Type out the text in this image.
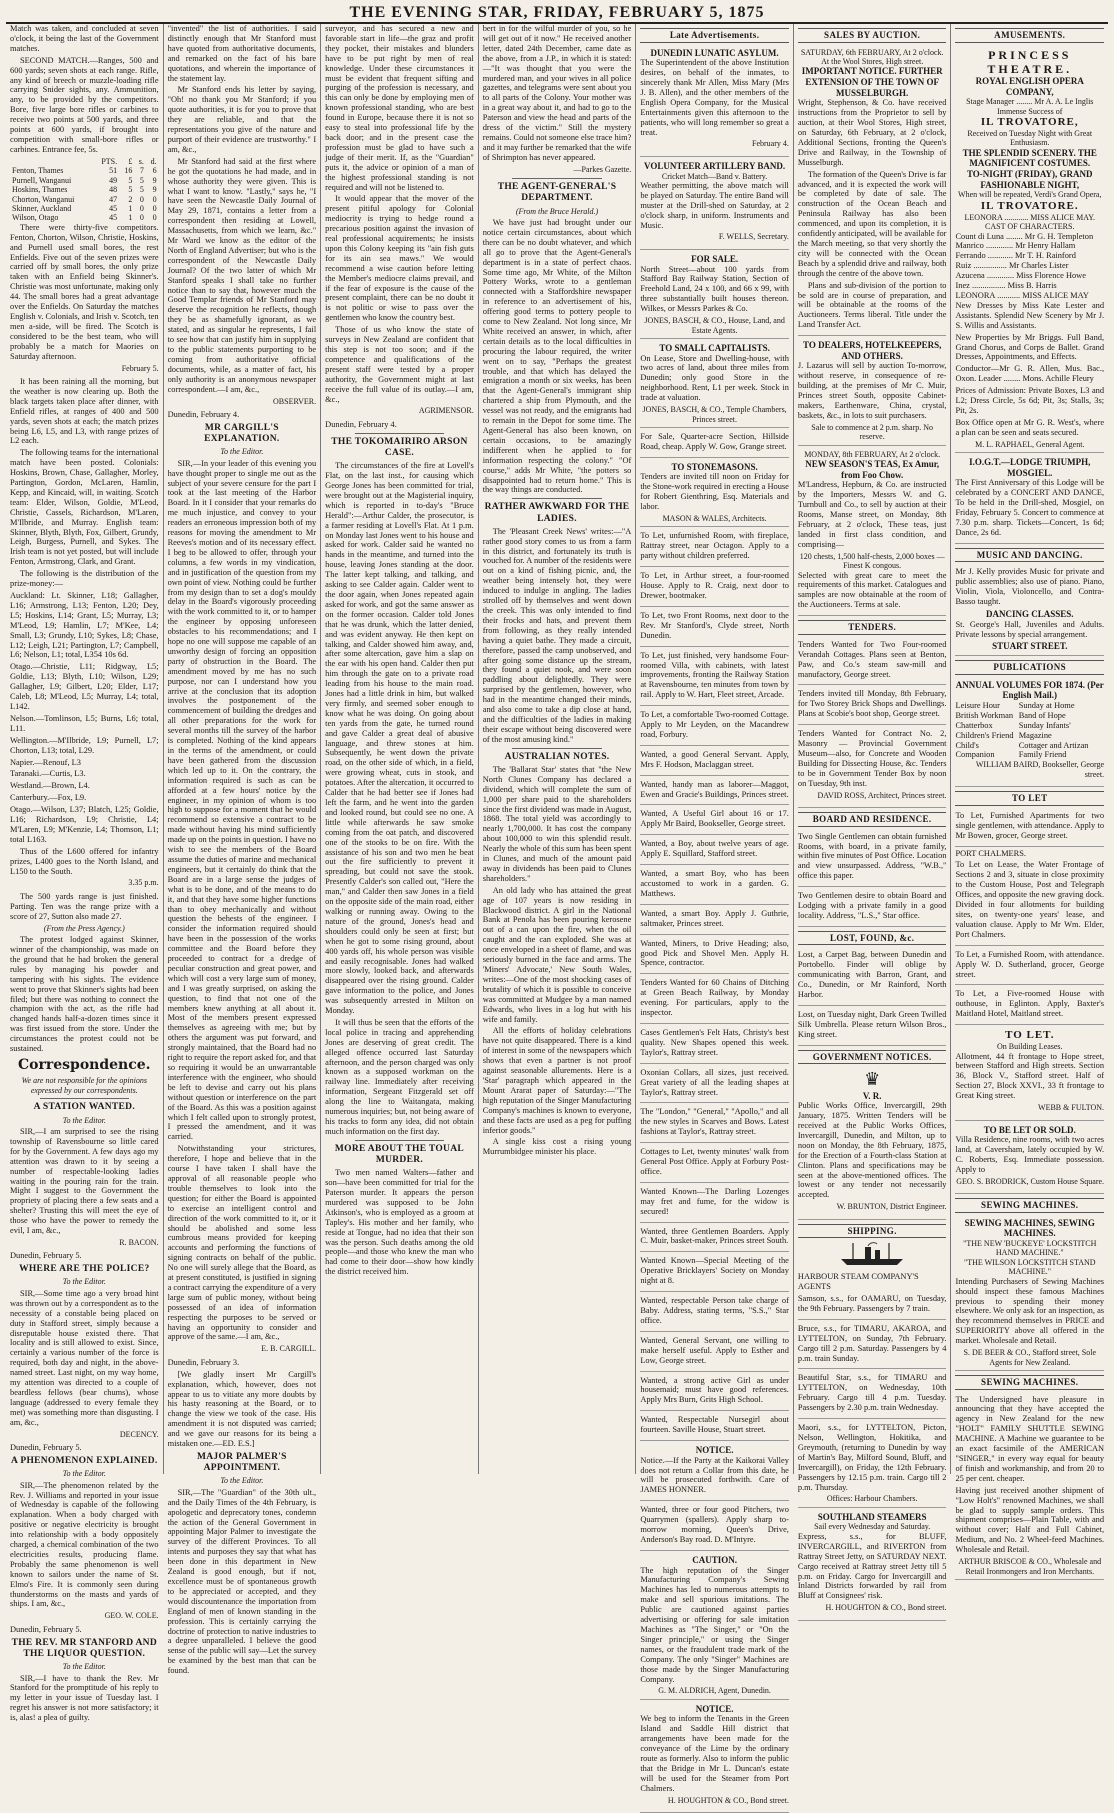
THE EVENING STAR, FRIDAY, FEBRUARY 5, 1875

Match was taken, and concluded at seven o'clock, it being the last of the Government matches.

SECOND MATCH.—Ranges, 500 and 600 yards; seven shots at each range. Rifle, any kind of breech or muzzle-loading rifle carrying Snider sights, any. Ammunition, any, to be provided by the competitors. Bore, five large bore rifles or carbines to receive two points at 500 yards, and three points at 600 yards, if brought into competition with small-bore rifles or carbines. Entrance fee, 5s.

	PTS.	£	s.	d.
Fenton, Thames	51	16	7	6
Purnell, Wanganui	49	5	5	9
Hoskins, Thames	48	5	5	9
Chorton, Wanganui	47	2	0	0
Skinner, Auckland	45	1	0	0
Wilson, Otago	45	1	0	0

There were thirty-five competitors. Fenton, Chorton, Wilson, Christie, Hoskins, and Purnell used small bores, the rest Enfields. Five out of the seven prizes were carried off by small bores, the only prize taken with an Enfield being Skinner's. Christie was most unfortunate, making only 44. The small bores had a great advantage over the Enfields. On Saturday the matches English v. Colonials, and Irish v. Scotch, ten men a-side, will be fired. The Scotch is considered to be the best team, who will probably be a match for Maories on Saturday afternoon.

February 5.

It has been raining all the morning, but the weather is now clearing up. Both the black targets taken place after dinner, with Enfield rifles, at ranges of 400 and 500 yards, seven shots at each; the match prizes being L6, L5, and L3, with range prizes of L2 each.

The following teams for the international match have been posted. Colonials: Hoskins, Brown, Chase, Gallagher, Morley, Partington, Gordon, McLaren, Hamlin, Kepp, and Kincaid, will, in waiting. Scotch team: Elder, Wilson, Goldie, M'Leod, Christie, Cassels, Richardson, M'Laren, M'Ilbride, and Murray. English team: Skinner, Blyth, Blyth, Fox, Gilbert, Grundy, Leigh, Burgess, Purnell, and Sykes. The Irish team is not yet posted, but will include Fenton, Armstrong, Clark, and Grant.

The following is the distribution of the prize-money:—

Auckland: Lt. Skinner, L18; Gallagher, L16; Armstrong, L13; Fenton, L20; Dey, L5; Hoskins, L14; Grant, L5; Murray, L3; M'Leod, L9; Hamlin, L7; M'Kee, L4; Small, L3; Grundy, L10; Sykes, L8; Chase, L12; Leigh, L21; Partington, L7; Campbell, L6; Nelson, L1; total, L354 10s 6d.

Otago.—Christie, L11; Ridgway, L5; Goldie, L13; Blyth, L10; Wilson, L29; Gallagher, L9; Gilbert, L20; Elder, L17; Caleb, L8; M'Leod, L5; Murray, L4; total, L142.

Nelson.—Tomlinson, L5; Burns, L6; total, L11.

Wellington.—M'Ilbride, L9; Purnell, L7; Chorton, L13; total, L29.

Napier.—Renouf, L3

Taranaki.—Curtis, L3.

Westland.—Brown, L4.

Canterbury.—Fox, L9.

Otago.—Wilson, L37; Blatch, L25; Goldie, L16; Richardson, L9; Christie, L4; M'Laren, L9; M'Kenzie, L4; Thomson, L1; total L163.

Thus of the L600 offered for infantry prizes, L400 goes to the North Island, and L150 to the South.

3.35 p.m.

The 500 yards range is just finished. Parting. Ten was the range prize with a score of 27, Sutton also made 27.

(From the Press Agency.)

The protest lodged against Skinner, winner of the championship, was made on the ground that he had broken the general rules by managing his powder and tampering with his sights. The evidence went to prove that Skinner's sights had been filed; but there was nothing to connect the champion with the act, as the rifle had changed hands half-a-dozen times since it was first issued from the store. Under the circumstances the protest could not be sustained.

Correspondence.
We are not responsible for the opinions expressed by our correspondents.
A STATION WANTED.
To the Editor.

SIR,—I am surprised to see the rising township of Ravensbourne so little cared for by the Government. A few days ago my attention was drawn to it by seeing a number of respectable-looking ladies waiting in the pouring rain for the train. Might I suggest to the Government the propriety of placing there a few seats and a shelter? Trusting this will meet the eye of those who have the power to remedy the evil, I am, &c.,

R. BACON.

Dunedin, February 5.

WHERE ARE THE POLICE?
To the Editor.

SIR,—Some time ago a very broad hint was thrown out by a correspondent as to the necessity of a constable being placed on duty in Stafford street, simply because a disreputable house existed there. That locality and is still allowed to exist. Since, certainly a various number of the force is required, both day and night, in the above-named street. Last night, on my way home, my attention was directed to a couple of beardless fellows (bear chums), whose language (addressed to every female they met) was something more than disgusting. I am, &c.,

DECENCY.

Dunedin, February 5.

A PHENOMENON EXPLAINED.
To the Editor.

SIR,—The phenomenon related by the Rev. J. Williams and reported in your issue of Wednesday is capable of the following explanation. When a body charged with positive or negative electricity is brought into relationship with a body oppositely charged, a chemical combination of the two electricities results, producing flame. Probably the same phenomenon is well known to sailors under the name of St. Elmo's Fire. It is commonly seen during thunderstorms on the masts and yards of ships. I am, &c.,

GEO. W. COLE.

Dunedin, February 5.

THE REV. MR STANFORD AND THE LIQUOR QUESTION.
To the Editor.

SIR,—I have to thank the Rev. Mr Stanford for the promptitude of his reply to my letter in your issue of Tuesday last. I regret his answer is not more satisfactory; it is, alas! a plea of guilty.

"invented" the list of authorities. I said distinctly enough that Mr Stanford must have quoted from authoritative documents, and remarked on the fact of his bare quotations, and wherein the importance of the statement lay.

Mr Stanford ends his letter by saying, "Oh! no thank you Mr Stanford; if you quote authorities, it is for you to prove that they are reliable, and that the representations you give of the nature and purport of their evidence are trustworthy." I am, &c.,

Mr Stanford had said at the first where he got the quotations he had made, and in whose authority they were given. This is what I want to know. "Lastly," says he, "I have seen the Newcastle Daily Journal of May 29, 1871, contains a letter from a correspondent then residing at Lowell, Massachusetts, from which we learn, &c." Mr Ward we know as the editor of the North of England Advertiser; but who is the correspondent of the Newcastle Daily Journal? Of the two latter of which Mr Stanford speaks I shall take no further notice than to say that, however much the Good Templar friends of Mr Stanford may deserve the recognition he reflects, though they be as shamefully ignorant, as we stated, and as singular he represents, I fail to see how that can justify him in supplying to the public statements purporting to be coming from authoritative official documents, while, as a matter of fact, his only authority is an anonymous newspaper correspondent.—I am, &c.,

OBSERVER.

Dunedin, February 4.

MR CARGILL'S EXPLANATION.
To the Editor.

SIR,—In your leader of this evening you have thought proper to single me out as the subject of your severe censure for the part I took at the last meeting of the Harbor Board. In it I consider that your remarks do me much injustice, and convey to your readers an erroneous impression both of my reasons for moving the amendment to Mr Reeves's motion and of its necessary effect. I beg to be allowed to offer, through your columns, a few words in my vindication, and in justification of the question from my own point of view. Nothing could be further from my design than to set a dog's mouldy delay in the Board's vigorously proceeding with the work committed to it, or to hamper the engineer by opposing unforeseen obstacles to his recommendations; and I hope no one will suppose me capable of an unworthy design of forcing an opposition party of obstruction in the Board. The amendment moved by me has no such purpose, nor can I understand how you arrive at the conclusion that its adoption involves the postponement of the commencement of building the dredges and all other preparations for the work for several months till the survey of the harbor is completed. Nothing of the kind appears in the terms of the amendment, or could have been gathered from the discussion which led up to it. On the contrary, the information required is such as can be afforded at a few hours' notice by the engineer, in my opinion of whom is too high to suppose for a moment that he would recommend so extensive a contract to be made without having his mind sufficiently made up on the points in question. I have no wish to see the members of the Board assume the duties of marine and mechanical engineers, but it certainly do think that the Board are in a large sense the judges of what is to be done, and of the means to do it, and that they have some higher functions than to obey mechanically and without question the behests of the engineer. I consider the information required should have been in the possession of the works committee and the Board before they proceeded to contract for a dredge of peculiar construction and great power, and which will cost a very large sum of money, and I was greatly surprised, on asking the question, to find that not one of the members knew anything at all about it. Most of the members present expressed themselves as agreeing with me; but by others the argument was put forward, and strongly maintained, that the Board had no right to require the report asked for, and that so requiring it would be an unwarrantable interference with the engineer, who should be left to devise and carry out his plans without question or interference on the part of the Board. As this was a position against which I felt called upon to strongly protest, I pressed the amendment, and it was carried.

Notwithstanding your strictures, therefore, I hope and believe that in the course I have taken I shall have the approval of all reasonable people who trouble themselves to look into the question; for either the Board is appointed to exercise an intelligent control and direction of the work committed to it, or it should be abolished and some less cumbrous means provided for keeping accounts and performing the functions of signing contracts on behalf of the public. No one will surely allege that the Board, as at present constituted, is justified in signing a contract carrying the expenditure of a very large sum of public money, without being possessed of an idea of information respecting the purposes to be served or having an opportunity to consider and approve of the same.—I am, &c.,

E. B. CARGILL.

Dunedin, February 3.

[We gladly insert Mr Cargill's explanation, which, however, does not appear to us to vitiate any more doubts by his hasty reasoning at the Board, or to change the view we took of the case. His amendment it is not disputed was carried; and we gave our reasons for its being a mistaken one.—ED. E.S.]

MAJOR PALMER'S APPOINTMENT.
To the Editor.

SIR,—The "Guardian" of the 30th ult., and the Daily Times of the 4th February, is apologetic and deprecatory tones, condemn the action of the General Government in appointing Major Palmer to investigate the survey of the different Provinces. To all intents and purposes they say that what has been done in this department in New Zealand is good enough, but if not, excellence must be of spontaneous growth to be appreciated or accepted, and they would discountenance the importation from England of men of known standing in the profession. This is certainly carrying the doctrine of protection to native industries to a degree unparalleled. I believe the good sense of the public will say—Let the survey be examined by the best man that can be found.

surveyor, and has secured a new and favorable start in life—the graz and profit they pocket, their mistakes and blunders have to be put right by men of real knowledge. Under these circumstances it must be evident that frequent sifting and purging of the profession is necessary, and this can only be done by employing men of known professional standing, who are best found in Europe, because there it is not so easy to steal into professional life by the back door; and in the present case the profession must be glad to have such a judge of their merit. If, as the "Guardian" puts it, the advice or opinion of a man of the highest professional standing is not required and will not be listened to.

It would appear that the mover of the present pitiful apology for Colonial mediocrity is trying to hedge round a precarious position against the invasion of real professional acquirements; he insists upon this Colony keeping its "ain fish guts for its ain sea maws." We would recommend a wise caution before letting the Member's mediocre claims prevail, and if the fear of exposure is the cause of the present complaint, there can be no doubt it is not politic or wise to pass over the gentlemen who know the country best.

Those of us who know the state of surveys in New Zealand are confident that this step is not too soon; and if the competence and qualifications of the present staff were tested by a proper authority, the Government might at last receive the full value of its outlay.—I am, &c.,

AGRIMENSOR.

Dunedin, February 4.

THE TOKOMAIRIRO ARSON CASE.

The circumstances of the fire at Lovell's Flat, on the last inst., for causing which George Jones has been committed for trial, were brought out at the Magisterial inquiry, which is reported in to-day's "Bruce Herald":—Arthur Calder, the prosecutor, is a farmer residing at Lovell's Flat. At 1 p.m. on Monday last Jones went to his house and asked for work. Calder said he wanted no hands in the meantime, and turned into the house, leaving Jones standing at the door. The latter kept talking, and talking, and asking to see Calder again. Calder went to the door again, when Jones repeated again asked for work, and got the same answer as on the former occasion. Calder told Jones that he was drunk, which the latter denied, and was evident anyway. He then kept on talking, and Calder showed him away, and, after some altercation, gave him a slap on the ear with his open hand. Calder then put him through the gate on to a private road leading from his house to the main road. Jones had a little drink in him, but walked very firmly, and seemed sober enough to know what he was doing. On going about ten yards from the gate, he turned round and gave Calder a great deal of abusive language, and threw stones at him. Subsequently, he went down the private road, on the other side of which, in a field, were growing wheat, cuts in stook, and potatoes. After the altercation, it occurred to Calder that he had better see if Jones had left the farm, and he went into the garden and looked round, but could see no one. A little while afterwards he saw smoke coming from the oat patch, and discovered one of the stooks to be on fire. With the assistance of his son and two men he beat out the fire sufficiently to prevent it spreading, but could not save the stook. Presently Calder's son called out, "Here the man," and Calder then saw Jones in a field on the opposite side of the main road, either walking or running away. Owing to the nature of the ground, Jones's head and shoulders could only be seen at first; but when he got to some rising ground, about 400 yards off, his whole person was visible and easily recognisable. Jones had walked more slowly, looked back, and afterwards disappeared over the rising ground. Calder gave information to the police, and Jones was subsequently arrested in Milton on Monday.

It will thus be seen that the efforts of the local police in tracing and apprehending Jones are deserving of great credit. The alleged offence occurred last Saturday afternoon, and the person charged was only known as a supposed workman on the railway line. Immediately after receiving information, Sergeant Fitzgerald set off along the line to Waitangata, making numerous inquiries; but, not being aware of his tracks to form any idea, did not obtain much information on the first day.

MORE ABOUT THE TOUAL MURDER.

Two men named Walters—father and son—have been committed for trial for the Paterson murder. It appears the person murdered was supposed to be John Atkinson's, who is employed as a groom at Tapley's. His mother and her family, who reside at Tongue, had no idea that their son was the person. Such deaths among the old people—and those who knew the man who had come to their door—show how kindly the district received him.

bert in for the wilful murder of you, so he will get out of it now." He received another letter, dated 24th December, came date as the above, from a J.P., in which it is stated:—"It was thought that you were the murdered man, and your wives in all police gazettes, and telegrams were sent about you to all parts of the Colony. Your mother was in a great way about it, and had to go to the Paterson and view the head and parts of the dress of the victim." Still the mystery remains. Could not someone else trace him? and it may further be remarked that the wife of Shrimpton has never appeared.

—Parkes Gazette.
THE AGENT-GENERAL'S DEPARTMENT.
(From the Bruce Herald.)

We have just had brought under our notice certain circumstances, about which there can be no doubt whatever, and which all go to prove that the Agent-General's department is in a state of perfect chaos. Some time ago, Mr White, of the Milton Pottery Works, wrote to a gentleman connected with a Staffordshire newspaper in reference to an advertisement of his, offering good terms to pottery people to come to New Zealand. Not long since, Mr White received an answer, in which, after certain details as to the local difficulties in procuring the labour required, the writer went on to say, "Perhaps the greatest trouble, and that which has delayed the emigration a month or six weeks, has been that the Agent-General's immigrant ship chartered a ship from Plymouth, and the vessel was not ready, and the emigrants had to remain in the Depot for some time. The Agent-General has also been known, on certain occasions, to be amazingly indifferent when he applied to for information respecting the colony." "Of course," adds Mr White, "the potters so disappointed had to return home." This is the way things are conducted.

RATHER AWKWARD FOR THE LADIES.

The 'Pleasant Creek News' writes:—"A rather good story comes to us from a farm in this district, and fortunately its truth is vouched for. A number of the residents were out on a kind of fishing picnic, and, the weather being intensely hot, they were induced to indulge in angling. The ladies strolled off by themselves and went down the creek. This was only intended to find their frocks and hats, and prevent them from following, as they really intended having a quiet bathe. They made a circuit, therefore, passed the camp unobserved, and after going some distance up the stream, they found a quiet nook, and were soon paddling about delightedly. They were surprised by the gentlemen, however, who had in the meantime changed their minds, and also come to take a dip close at hand, and the difficulties of the ladies in making their escape without being discovered were of the most amusing kind."

AUSTRALIAN NOTES.

The 'Ballarat Star' states that "the New North Clunes Company has declared a dividend, which will complete the sum of 1,000 per share paid to the shareholders since the first dividend was made in August, 1868. The total yield was accordingly to nearly 1,700,000. It has cost the company about 100,000 to win this splendid result. Nearly the whole of this sum has been spent in Clunes, and much of the amount paid away in dividends has been paid to Clunes shareholders."

An old lady who has attained the great age of 107 years is now residing in Blackwood district. A girl in the National Bank at Penola has been pouring kerosene out of a can upon the fire, when the oil caught and the can exploded. She was at once enveloped in a sheet of flame, and was seriously burned in the face and arms. The 'Miners' Advocate,' New South Wales, writes:—One of the most shocking cases of brutality of which it is possible to conceive was committed at Mudgee by a man named Edwards, who lives in a log hut with his wife and family.

All the efforts of holiday celebrations have not quite disappeared. There is a kind of interest in some of the newspapers which shows that even a partner is not proof against seasonable allurements. Here is a 'Star' paragraph which appeared in the Mount Ararat paper of Saturday:—"The high reputation of the Singer Manufacturing Company's machines is known to everyone, and these facts are used as a peg for puffing inferior goods."

A single kiss cost a rising young Murrumbidgee minister his place.

Late Advertisements.
DUNEDIN LUNATIC ASYLUM.

The Superintendent of the above Institution desires, on behalf of the inmates, to sincerely thank Mr Allen, Miss Mary (Mrs J. B. Allen), and the other members of the English Opera Company, for the Musical Entertainments given this afternoon to the patients, who will long remember so great a treat.

February 4.
VOLUNTEER ARTILLERY BAND.
Cricket Match—Band v. Battery.

Weather permitting, the above match will be played on Saturday. The entire Band will muster at the Drill-shed on Saturday, at 2 o'clock sharp, in uniform. Instruments and Music.

F. WELLS, Secretary.
FOR SALE.

North Street—about 100 yards from Stafford Bay Railway Station, Section of Freehold Land, 24 x 100, and 66 x 99, with three substantially built houses thereon. Wilkes, or Messrs Parkes & Co.

JONES, BASCH, & CO., House, Land, and Estate Agents.
TO SMALL CAPITALISTS.

On Lease, Store and Dwelling-house, with two acres of land, about three miles from Dunedin; only good Store in the neighborhood. Rent, L1 per week. Stock in trade at valuation.

JONES, BASCH, & CO., Temple Chambers, Princes street.

For Sale, Quarter-acre Section, Hillside Road, cheap. Apply W. Gow, Grange street.

TO STONEMASONS.

Tenders are invited till noon on Friday for the Stone-work required in erecting a House for Robert Gienthring, Esq. Materials and labor.

MASON & WALES, Architects.

To Let, unfurnished Room, with fireplace, Rattray street, near Octagon. Apply to a party without children preferred.

To Let, in Arthur street, a four-roomed House. Apply to R. Craig, next door to Drewer, bootmaker.

To Let, two Front Rooms, next door to the Rev. Mr Stanford's, Clyde street, North Dunedin.

To Let, just finished, very handsome Four-roomed Villa, with cabinets, with latest improvements, fronting the Railway Station at Ravensbourne, ten minutes from town by rail. Apply to W. Hart, Fleet street, Arcade.

To Let, a comfortable Two-roomed Cottage. Apply to Mr Leyden, on the Macandrew road, Forbury.

Wanted, a good General Servant. Apply, Mrs F. Hodson, Maclaggan street.

Wanted, handy man as laborer—Maggot, Ewen and Gracie's Buildings, Princes street.

Wanted, A Useful Girl about 16 or 17. Apply Mr Baird, Bookseller, George street.

Wanted, a Boy, about twelve years of age. Apply E. Squillard, Stafford street.

Wanted, a smart Boy, who has been accustomed to work in a garden. G. Matthews.

Wanted, a smart Boy. Apply J. Guthrie, saltmaker, Princes street.

Wanted, Miners, to Drive Heading; also, good Pick and Shovel Men. Apply H. Spence, contractor.

Tenders Wanted for 60 Chains of Ditching at Green Beach Railway, by Monday evening. For particulars, apply to the inspector.

Cases Gentlemen's Felt Hats, Christy's best quality. New Shapes opened this week. Taylor's, Rattray street.

Oxonian Collars, all sizes, just received. Great variety of all the leading shapes at Taylor's, Rattray street.

The "London," "General," "Apollo," and all the new styles in Scarves and Bows. Latest fashions at Taylor's, Rattray street.

Cottages to Let, twenty minutes' walk from General Post Office. Apply at Forbury Post-office.

Wanted Known—The Darling Lozenges may fret and fume, for the widow is secured!

Wanted, three Gentlemen Boarders. Apply C. Muir, basket-maker, Princes street South.

Wanted Known—Special Meeting of the Operative Bricklayers' Society on Monday night at 8.

Wanted, respectable Person take charge of Baby. Address, stating terms, "S.S.," Star office.

Wanted, General Servant, one willing to make herself useful. Apply to Esther and Low, George street.

Wanted, a strong active Girl as under housemaid; must have good references. Apply Mrs Burn, Grits High School.

Wanted, Respectable Nursegirl about fourteen. Saville House, Stuart street.

NOTICE.

Notice.—If the Party at the Kaikorai Valley does not return a Collar from this date, he will be prosecuted forthwith. Care of JAMES HONNER.

Wanted, three or four good Pitchers, two Quarrymen (spallers). Apply sharp to-morrow morning, Queen's Drive, Anderson's Bay road. D. M'Intyre.

CAUTION.

The high reputation of the Singer Manufacturing Company's Sewing Machines has led to numerous attempts to make and sell spurious imitations. The Public are cautioned against parties advertising or offering for sale imitation Machines as "The Singer," or "On the Singer principle," or using the Singer names, or the fraudulent trade mark of the Company. The only "Singer" Machines are those made by the Singer Manufacturing Company.

G. M. ALDRICH, Agent, Dunedin.
NOTICE.

We beg to inform the Tenants in the Green Island and Saddle Hill district that arrangements have been made for the conveyance of the Lime by the ordinary route as formerly. Also to inform the public that the Bridge in Mr L. Duncan's estate will be used for the Steamer from Port Chalmers.

H. HOUGHTON & CO., Bond street.
SALES BY AUCTION.
SATURDAY, 6th FEBRUARY, At 2 o'clock.
At the Wool Stores, High street.
IMPORTANT NOTICE. FURTHER EXTENSION OF THE TOWN OF MUSSELBURGH.

Wright, Stephenson, & Co. have received instructions from the Proprietor to sell by auction, at their Wool Stores, High street, on Saturday, 6th February, at 2 o'clock, Additional Sections, fronting the Queen's Drive and Railway, in the Township of Musselburgh.

The formation of the Queen's Drive is far advanced, and it is expected the work will be completed by date of sale. The construction of the Ocean Beach and Peninsula Railway has also been commenced, and upon its completion, it is confidently anticipated, will be available for the March meeting, so that very shortly the city will be connected with the Ocean Beach by a splendid drive and railway, both through the centre of the above town.

Plans and sub-division of the portion to be sold are in course of preparation, and will be obtainable at the rooms of the Auctioneers. Terms liberal. Title under the Land Transfer Act.

TO DEALERS, HOTELKEEPERS, AND OTHERS.

J. Lazarus will sell by auction To-morrow, without reserve, in consequence of re-building, at the premises of Mr C. Muir, Princes street South, opposite Cabinet-makers, Earthenware, China, crystal, baskets, &c., in lots to suit purchasers.

Sale to commence at 2 p.m. sharp. No reserve.
MONDAY, 8th FEBRUARY, At 2 o'clock.
NEW SEASON'S TEAS, Ex Amur, from Foo Chow.

M'Landress, Hepburn, & Co. are instructed by the Importers, Messrs W. and G. Turnbull and Co., to sell by auction at their Rooms, Manse street, on Monday, 8th February, at 2 o'clock, These teas, just landed in first class condition, and comprising—

120 chests, 1,500 half-chests, 2,000 boxes — Finest K congous.

Selected with great care to meet the requirements of this market. Catalogues and samples are now obtainable at the room of the Auctioneers. Terms at sale.

TENDERS.

Tenders Wanted for Two Four-roomed Verandah Cottages. Plans seen at Benton, Paw, and Co.'s steam saw-mill and manufactory, George street.

Tenders invited till Monday, 8th February, for Two Storey Brick Shops and Dwellings. Plans at Scobie's boot shop, George street.

Tenders Wanted for Contract No. 2, Masonry — Provincial Government Museum—also, for Concrete and Wooden Building for Dissecting House, &c. Tenders to be in Government Tender Box by noon on Tuesday, 9th inst.

DAVID ROSS, Architect, Princes street.
BOARD AND RESIDENCE.

Two Single Gentlemen can obtain furnished Rooms, with board, in a private family, within five minutes of Post Office. Location and view unsurpassed. Address, "W.B.," office this paper.

Two Gentlemen desire to obtain Board and Lodging with a private family in a good locality. Address, "L.S.," Star office.

LOST, FOUND, &c.

Lost, a Carpet Bag, between Dunedin and Portobello. Finder will oblige by communicating with Barron, Grant, and Co., Dunedin, or Mr Rainford, North Harbor.

Lost, on Tuesday night, Dark Green Twilled Silk Umbrella. Please return Wilson Bros., King street.

GOVERNMENT NOTICES.
♛
V. R.

Public Works Office, Invercargill, 29th January, 1875. Written Tenders will be received at the Public Works Offices, Invercargill, Dunedin, and Milton, up to noon on Monday, the 8th February, 1875, for the Erection of a Fourth-class Station at Clinton. Plans and specifications may be seen at the above-mentioned offices. The lowest or any tender not necessarily accepted.

W. BRUNTON, District Engineer.
SHIPPING.
HARBOUR STEAM COMPANY'S AGENTS

Samson, s.s., for OAMARU, on Tuesday, the 9th February. Passengers by 7 train.

Bruce, s.s., for TIMARU, AKAROA, and LYTTELTON, on Sunday, 7th February. Cargo till 2 p.m. Saturday. Passengers by 4 p.m. train Sunday.

Beautiful Star, s.s., for TIMARU and LYTTELTON, on Wednesday, 10th February. Cargo till 4 p.m. Tuesday. Passengers by 2.30 p.m. train Wednesday.

Maori, s.s., for LYTTELTON, Picton, Nelson, Wellington, Hokitika, and Greymouth, (returning to Dunedin by way of Martin's Bay, Milford Sound, Bluff, and Invercargill), on Friday, the 12th February. Passengers by 12.15 p.m. train. Cargo till 2 p.m. Thursday.

Offices: Harbour Chambers.
SOUTHLAND STEAMERS
Sail every Wednesday and Saturday.

Express, s.s., for BLUFF, INVERCARGILL, and RIVERTON from Rattray Street Jetty, on SATURDAY NEXT. Cargo received at Rattray street Jetty till 5 p.m. on Friday. Cargo for Invercargill and Inland Districts forwarded by rail from Bluff at Consignees' risk.

H. HOUGHTON & CO., Bond street.
AMUSEMENTS.
PRINCESS THEATRE.
ROYAL ENGLISH OPERA COMPANY,
Stage Manager ........ Mr A. A. Le Inglis
Immense Success of
IL TROVATORE,
Received on Tuesday Night with Great Enthusiasm.
THE SPLENDID SCENERY. THE MAGNIFICENT COSTUMES.
TO-NIGHT (FRIDAY), GRAND FASHIONABLE NIGHT,
When will be repeated, Verdi's Grand Opera,
IL TROVATORE.
LEONORA ............ MISS ALICE MAY.
CAST OF CHARACTERS.
Count di Luna ........ Mr G. H. Templeton
Manrico ............. Mr Henry Hallam
Ferrando ............ Mr T. H. Rainford
Ruiz ................ Mr Charles Lister
Azucena ............. Miss Florence Howe
Inez ................ Miss B. Harris
LEONORA ........... MISS ALICE MAY

New Dresses by Miss Kate Lester and Assistants. Splendid New Scenery by Mr J. S. Willis and Assistants.

New Properties by Mr Briggs. Full Band, Grand Chorus, and Corps de Ballet. Grand Dresses, Appointments, and Effects.

Conductor—Mr G. R. Allen, Mus. Bac., Oxon. Leader ........ Mons. Achille Fleury

Prices of Admission: Private Boxes, L3 and L2; Dress Circle, 5s 6d; Pit, 3s; Stalls, 3s; Pit, 2s.

Box Office open at Mr G. R. West's, where a plan can be seen and seats secured.

M. L. RAPHAEL, General Agent.
I.O.G.T.—LODGE TRIUMPH, MOSGIEL.

The First Anniversary of this Lodge will be celebrated by a CONCERT AND DANCE, To be held in the Drill-shed, Mosgiel, on Friday, February 5. Concert to commence at 7.30 p.m. sharp. Tickets—Concert, 1s 6d; Dance, 2s 6d.

MUSIC AND DANCING.

Mr J. Kelly provides Music for private and public assemblies; also use of piano. Piano, Violin, Viola, Violoncello, and Contra-Basso taught.

DANCING CLASSES.

St. George's Hall, Juveniles and Adults. Private lessons by special arrangement.

STUART STREET.
PUBLICATIONS
ANNUAL VOLUMES FOR 1874. (Per English Mail.)
Leisure Hour
British Workman
Chatterbox
Children's Friend
Child's Companion
Sunday at Home
Band of Hope
Sunday Infants' Magazine
Cottager and Artizan
Family Friend
WILLIAM BAIRD, Bookseller, George street.
TO LET

To Let, Furnished Apartments for two single gentlemen, with attendance. Apply to Mr Bowen, grocer, George street.

PORT CHALMERS.

To Let on Lease, the Water Frontage of Sections 2 and 3, situate in close proximity to the Custom House, Post and Telegraph Offices, and opposite the new graving dock. Divided in four allotments for building sites, on twenty-one years' lease, and valuation clause. Apply to Mr Wm. Elder, Port Chalmers.

To Let, a Furnished Room, with attendance. Apply W. D. Sutherland, grocer, George street.

To Let, a Five-roomed House with outhouse, in Eglinton. Apply, Baxter's Maitland Hotel, Maitland street.

TO LET.
On Building Leases.

Allotment, 44 ft frontage to Hope street, between Stafford and High streets. Section 36, Block V., Stafford street. Half of Section 27, Block XXVI., 33 ft frontage to Great King street.

WEBB & FULTON.
TO BE LET OR SOLD.

Villa Residence, nine rooms, with two acres land, at Caversham, lately occupied by W. C. Roberts, Esq. Immediate possession. Apply to

GEO. S. BRODRICK, Custom House Square.
SEWING MACHINES.
SEWING MACHINES, SEWING MACHINES.
"THE NEW 'BUCKEYE' LOCKSTITCH HAND MACHINE."
"THE WILSON LOCKSTITCH STAND MACHINE."

Intending Purchasers of Sewing Machines should inspect these famous Machines previous to spending their money elsewhere. We only ask for an inspection, as they recommend themselves in PRICE and SUPERIORITY above all offered in the market. Wholesale and Retail.

S. DE BEER & CO., Stafford street, Sole Agents for New Zealand.
SEWING MACHINES.

The Undersigned have pleasure in announcing that they have accepted the agency in New Zealand for the new "HOLT" FAMILY SHUTTLE SEWING MACHINE. A Machine we guarantee to be an exact facsimile of the AMERICAN "SINGER," in every way equal for beauty of finish and workmanship, and from 20 to 25 per cent. cheaper.

Having just received another shipment of "Low Holt's" renowned Machines, we shall be glad to supply sample orders. This shipment comprises—Plain Table, with and without cover; Half and Full Cabinet, Medium, and No. 2 Wheel-feed Machines. Wholesale and Retail.

ARTHUR BRISCOE & CO., Wholesale and Retail Ironmongers and Iron Merchants.
